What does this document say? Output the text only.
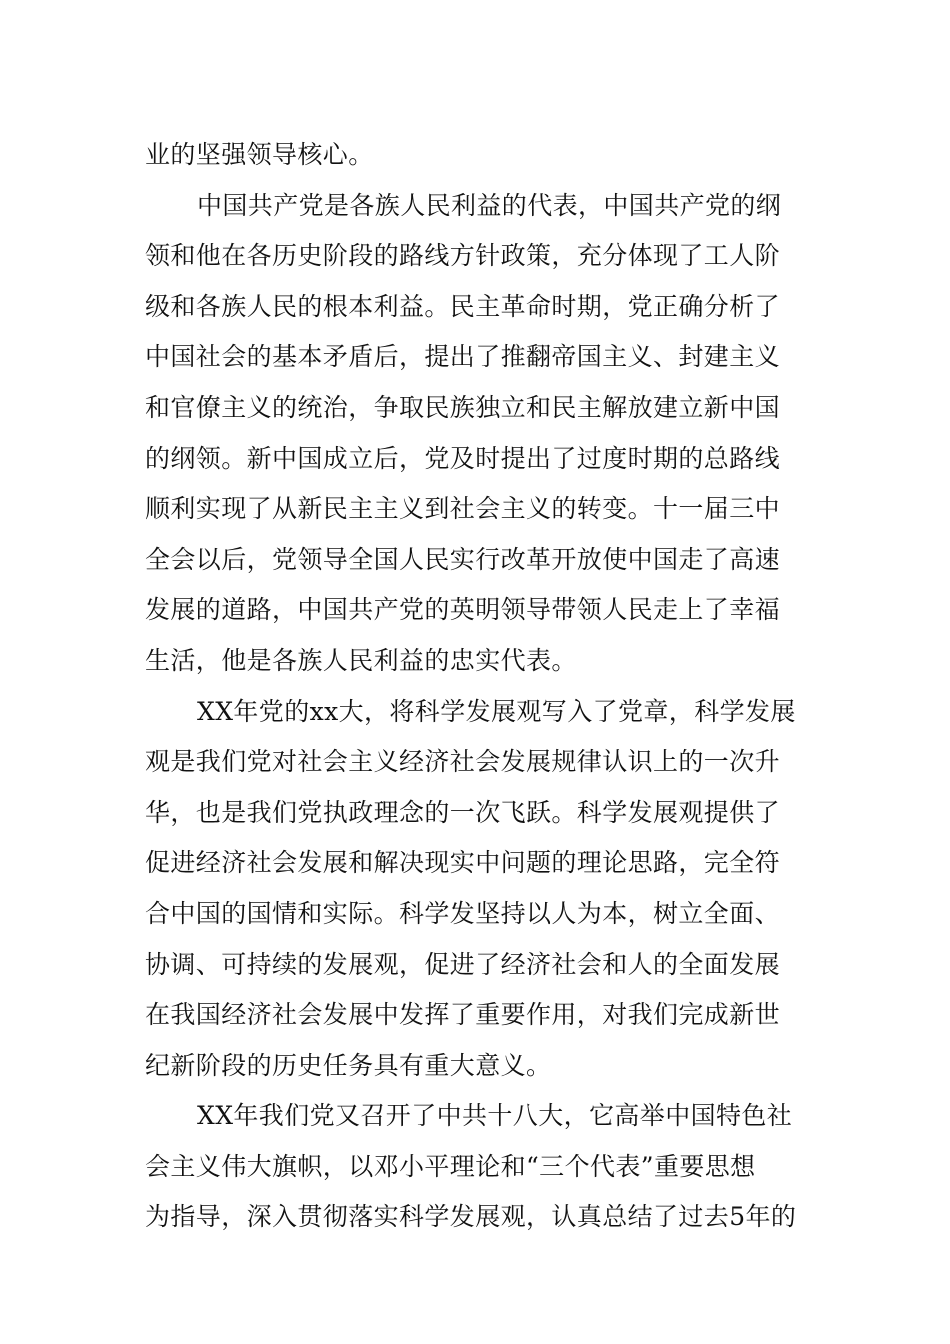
业的坚强领导核心。
中国共产党是各族人民利益的代表，中国共产党的纲
领和他在各历史阶段的路线方针政策，充分体现了工人阶
级和各族人民的根本利益。民主革命时期，党正确分析了
中国社会的基本矛盾后，提出了推翻帝国主义、封建主义
和官僚主义的统治，争取民族独立和民主解放建立新中国
的纲领。新中国成立后，党及时提出了过度时期的总路线
顺利实现了从新民主主义到社会主义的转变。十一届三中
全会以后，党领导全国人民实行改革开放使中国走了高速
发展的道路，中国共产党的英明领导带领人民走上了幸福
生活，他是各族人民利益的忠实代表。
XX年党的xx大，将科学发展观写入了党章，科学发展
观是我们党对社会主义经济社会发展规律认识上的一次升
华，也是我们党执政理念的一次飞跃。科学发展观提供了
促进经济社会发展和解决现实中问题的理论思路，完全符
合中国的国情和实际。科学发坚持以人为本，树立全面、
协调、可持续的发展观，促进了经济社会和人的全面发展
在我国经济社会发展中发挥了重要作用，对我们完成新世
纪新阶段的历史任务具有重大意义。
XX年我们党又召开了中共十八大，它高举中国特色社
会主义伟大旗帜，以邓小平理论和“三个代表”重要思想
为指导，深入贯彻落实科学发展观，认真总结了过去5年的
